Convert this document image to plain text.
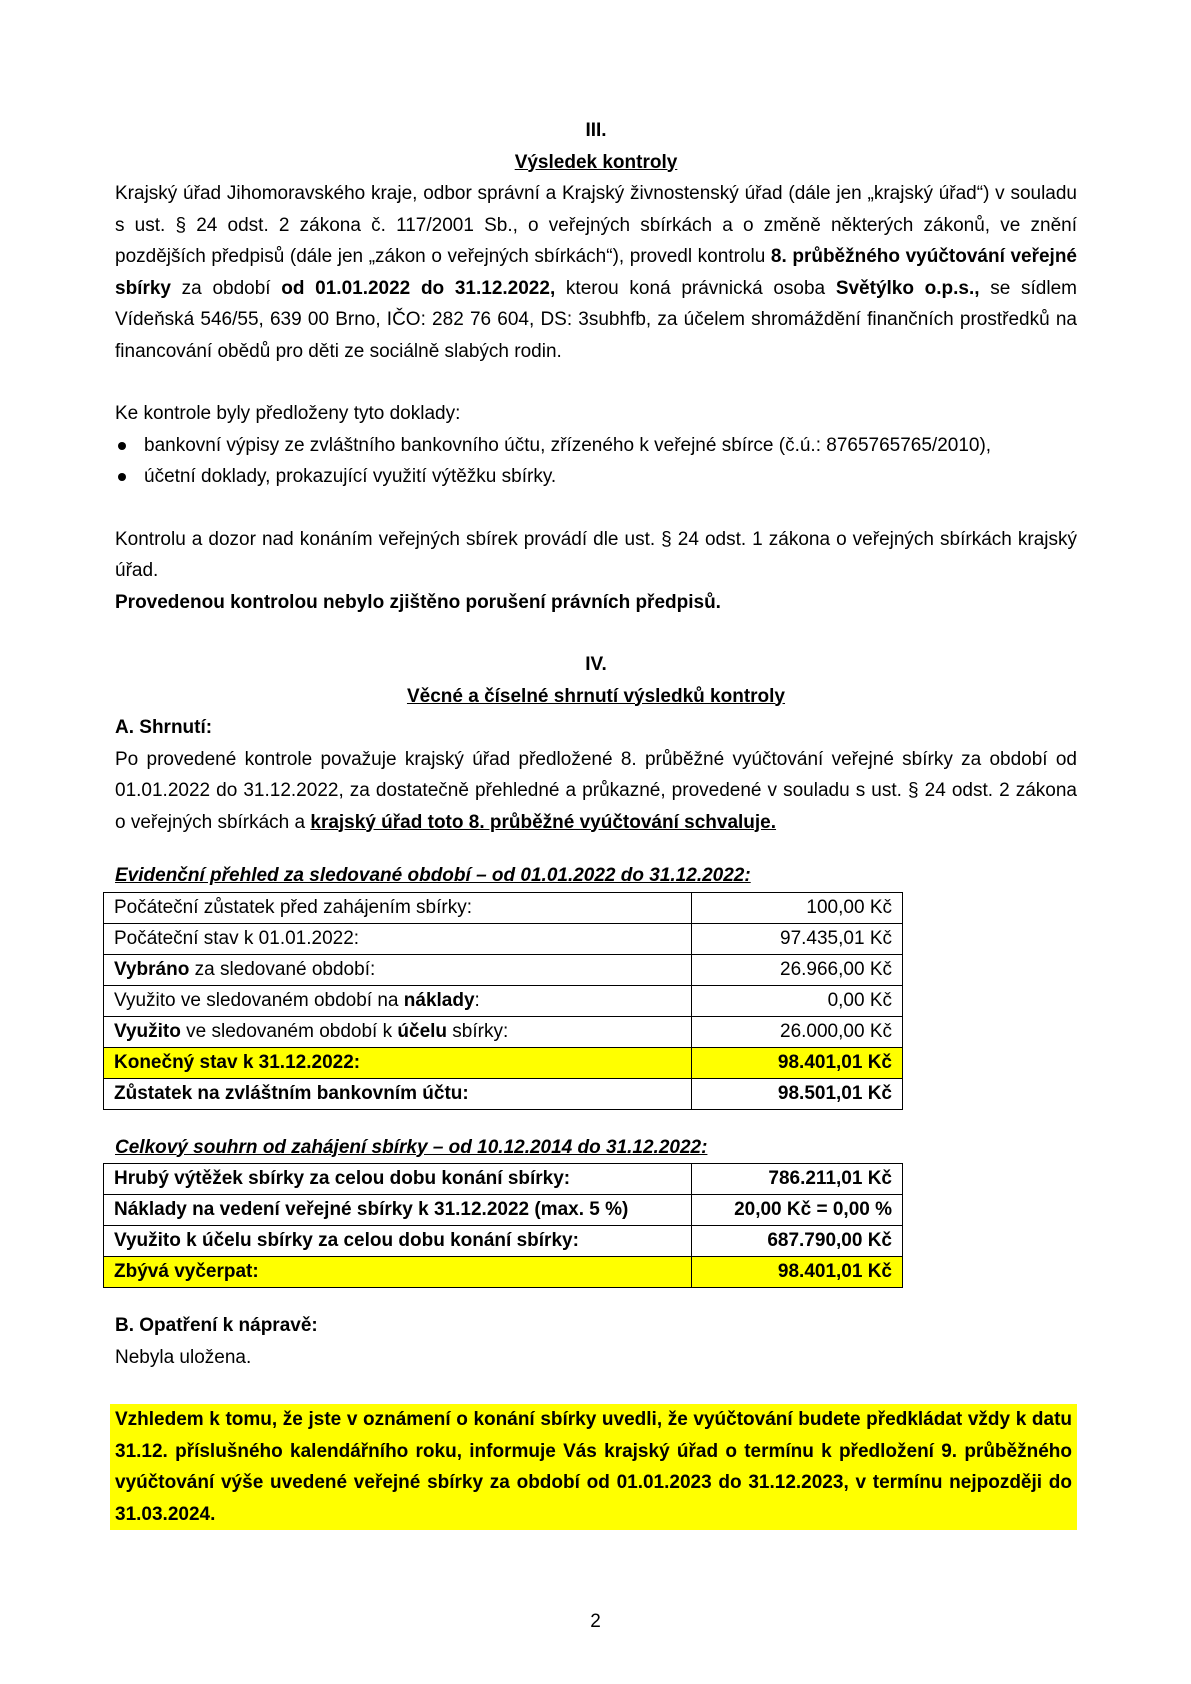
III.
Výsledek kontroly

Krajský úřad Jihomoravského kraje, odbor správní a Krajský živnostenský úřad (dále jen „krajský úřad“) v souladu s ust. § 24 odst. 2 zákona č. 117/2001 Sb., o veřejných sbírkách a o změně některých zákonů, ve znění pozdějších předpisů (dále jen „zákon o veřejných sbírkách“), provedl kontrolu 8. průběžného vyúčtování veřejné sbírky za období od 01.01.2022 do 31.12.2022, kterou koná právnická osoba Světýlko o.p.s., se sídlem Vídeňská 546/55, 639 00 Brno, IČO: 282 76 604, DS: 3subhfb, za účelem shromáždění finančních prostředků na financování obědů pro děti ze sociálně slabých rodin.

Ke kontrole byly předloženy tyto doklady:
bankovní výpisy ze zvláštního bankovního účtu, zřízeného k veřejné sbírce (č.ú.: 8765765765/2010),
účetní doklady, prokazující využití výtěžku sbírky.

Kontrolu a dozor nad konáním veřejných sbírek provádí dle ust. § 24 odst. 1 zákona o veřejných sbírkách krajský úřad.

Provedenou kontrolou nebylo zjištěno porušení právních předpisů.

IV.
Věcné a číselné shrnutí výsledků kontroly
A. Shrnutí:

Po provedené kontrole považuje krajský úřad předložené 8. průběžné vyúčtování veřejné sbírky za období od 01.01.2022 do 31.12.2022, za dostatečně přehledné a průkazné, provedené v souladu s ust. § 24 odst. 2 zákona o veřejných sbírkách a krajský úřad toto 8. průběžné vyúčtování schvaluje.

Evidenční přehled za sledované období – od 01.01.2022 do 31.12.2022:
Počáteční zůstatek před zahájením sbírky:	100,00 Kč
Počáteční stav k 01.01.2022:	97.435,01 Kč
Vybráno za sledované období:	26.966,00 Kč
Využito ve sledovaném období na náklady:	0,00 Kč
Využito ve sledovaném období k účelu sbírky:	26.000,00 Kč
Konečný stav k 31.12.2022:	98.401,01 Kč
Zůstatek na zvláštním bankovním účtu:	98.501,01 Kč
Celkový souhrn od zahájení sbírky – od 10.12.2014 do 31.12.2022:
Hrubý výtěžek sbírky za celou dobu konání sbírky:	786.211,01 Kč
Náklady na vedení veřejné sbírky k 31.12.2022 (max. 5 %)	20,00 Kč = 0,00 %
Využito k účelu sbírky za celou dobu konání sbírky:	687.790,00 Kč
Zbývá vyčerpat:	98.401,01 Kč
B. Opatření k nápravě:
Nebyla uložena.
Vzhledem k tomu, že jste v oznámení o konání sbírky uvedli, že vyúčtování budete předkládat vždy k datu 31.12. příslušného kalendářního roku, informuje Vás krajský úřad o termínu k předložení 9. průběžného vyúčtování výše uvedené veřejné sbírky za období od 01.01.2023 do 31.12.2023, v termínu nejpozději do 31.03.2024.
2
